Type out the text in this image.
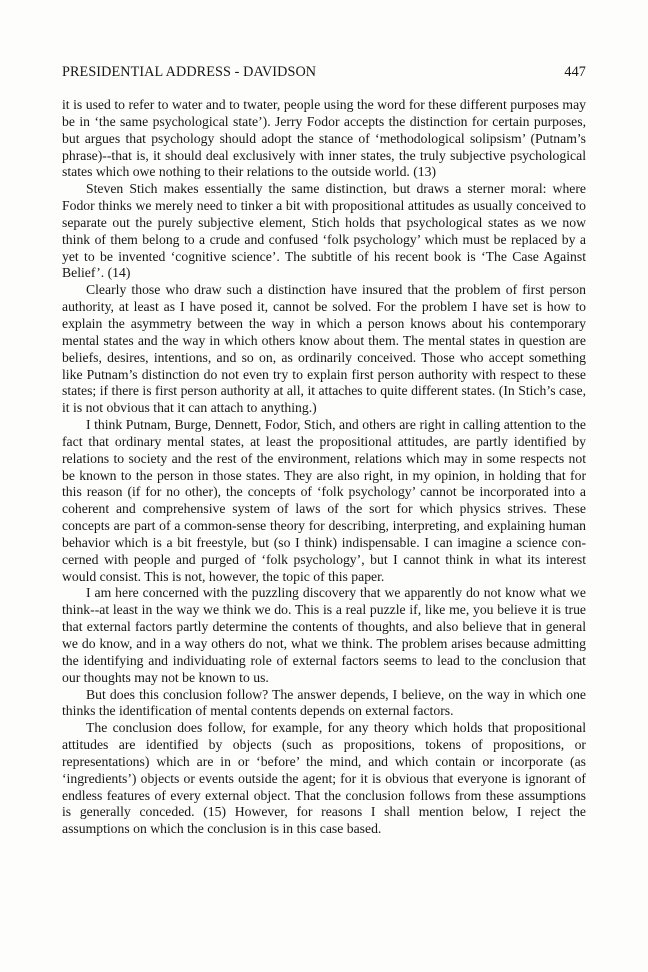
PRESIDENTIAL ADDRESS - DAVIDSON	447

it is used to refer to water and to twater, people using the word for these different purposes may be in ‘the same psychological state’). Jerry Fodor accepts the distinction for certain purposes, but argues that psychology should adopt the stance of ‘methodological solipsism’ (Putnam’s phrase)--that is, it should deal exclusively with inner states, the truly subjective psychological states which owe nothing to their relations to the outside world. (13)

Steven Stich makes essentially the same distinction, but draws a sterner moral: where Fodor thinks we merely need to tinker a bit with propositional attitudes as usually conceived to separate out the purely subjective element, Stich holds that psychological states as we now think of them belong to a crude and confused ‘folk psychology’ which must be replaced by a yet to be invented ‘cognitive science’. The subtitle of his recent book is ‘The Case Against Belief’. (14)

Clearly those who draw such a distinction have insured that the problem of first person authority, at least as I have posed it, cannot be solved. For the problem I have set is how to explain the asymmetry between the way in which a person knows about his contemporary mental states and the way in which others know about them. The mental states in question are beliefs, desires, intentions, and so on, as ordinarily conceived. Those who accept something like Putnam’s distinction do not even try to explain first person authority with respect to these states; if there is first person authority at all, it attaches to quite different states. (In Stich’s case, it is not obvious that it can attach to anything.)

I think Putnam, Burge, Dennett, Fodor, Stich, and others are right in calling attention to the fact that ordinary mental states, at least the propositional attitudes, are partly identified by relations to society and the rest of the environment, relations which may in some respects not be known to the person in those states. They are also right, in my opinion, in holding that for this reason (if for no other), the concepts of ‘folk psychology’ cannot be incorporated into a coherent and comprehensive system of laws of the sort for which physics strives. These concepts are part of a common-sense theory for describing, interpreting, and explaining human behavior which is a bit freestyle, but (so I think) indispensable. I can imagine a science concerned with people and purged of ‘folk psychology’, but I cannot think in what its interest would consist. This is not, however, the topic of this paper.

I am here concerned with the puzzling discovery that we apparently do not know what we think--at least in the way we think we do. This is a real puzzle if, like me, you believe it is true that external factors partly determine the contents of thoughts, and also believe that in general we do know, and in a way others do not, what we think. The problem arises because admitting the identifying and individuating role of external factors seems to lead to the conclusion that our thoughts may not be known to us.

But does this conclusion follow? The answer depends, I believe, on the way in which one thinks the identification of mental contents depends on external factors.

The conclusion does follow, for example, for any theory which holds that propositional attitudes are identified by objects (such as propositions, tokens of propositions, or representations) which are in or ‘before’ the mind, and which contain or incorporate (as ‘ingredients’) objects or events outside the agent; for it is obvious that everyone is ignorant of endless features of every external object. That the conclusion follows from these assumptions is generally conceded. (15) However, for reasons I shall mention below, I reject the assumptions on which the conclusion is in this case based.
